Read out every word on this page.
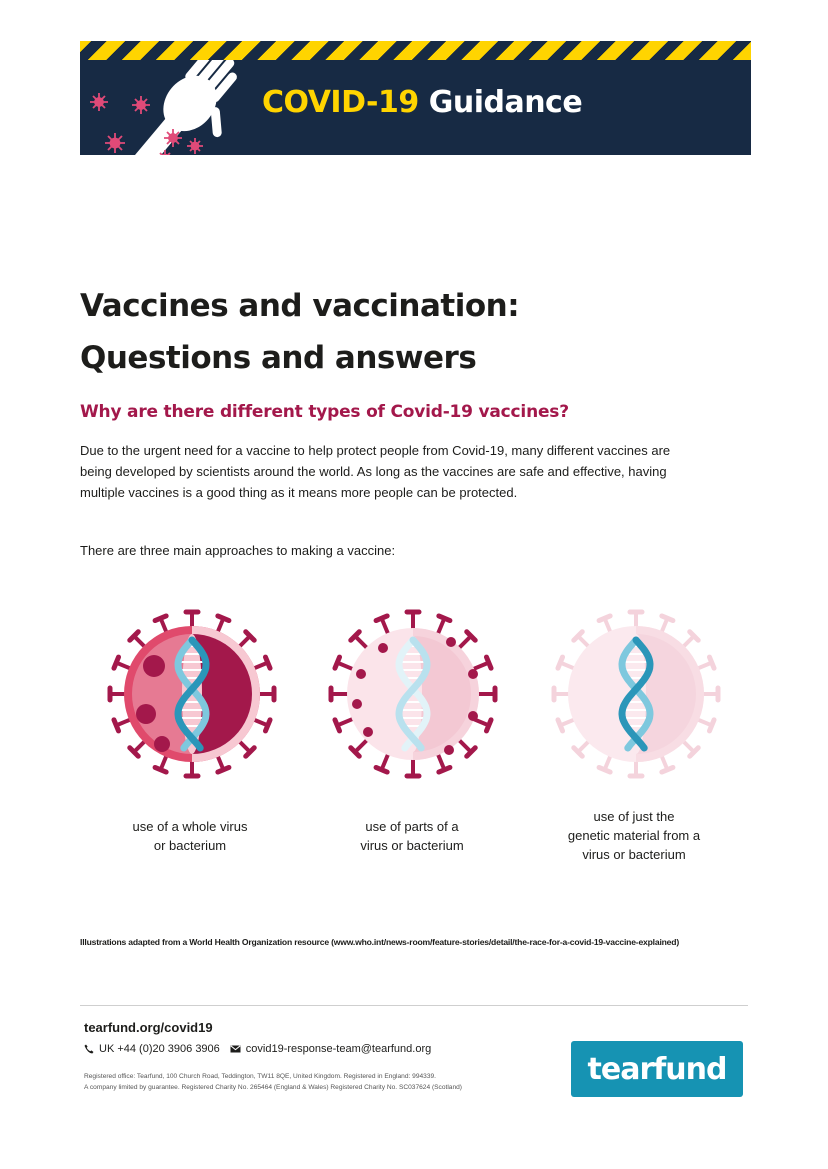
COVID-19 Guidance
Vaccines and vaccination:
Questions and answers
Why are there different types of Covid-19 vaccines?

Due to the urgent need for a vaccine to help protect people from Covid-19, many different vaccines are
being developed by scientists around the world. As long as the vaccines are safe and effective, having
multiple vaccines is a good thing as it means more people can be protected.

There are three main approaches to making a vaccine:

use of a whole virus
or bacterium

use of parts of a
virus or bacterium

use of just the
genetic material from a
virus or bacterium

Illustrations adapted from a World Health Organization resource (www.who.int/news-room/feature-stories/detail/the-race-for-a-covid-19-vaccine-explained)

tearfund.org/covid19

UK +44 (0)20 3906 3906 covid19-response-team@tearfund.org

Registered office: Tearfund, 100 Church Road, Teddington, TW11 8QE, United Kingdom. Registered in England: 994339.
A company limited by guarantee. Registered Charity No. 265464 (England & Wales) Registered Charity No. SC037624 (Scotland)

tearfund
